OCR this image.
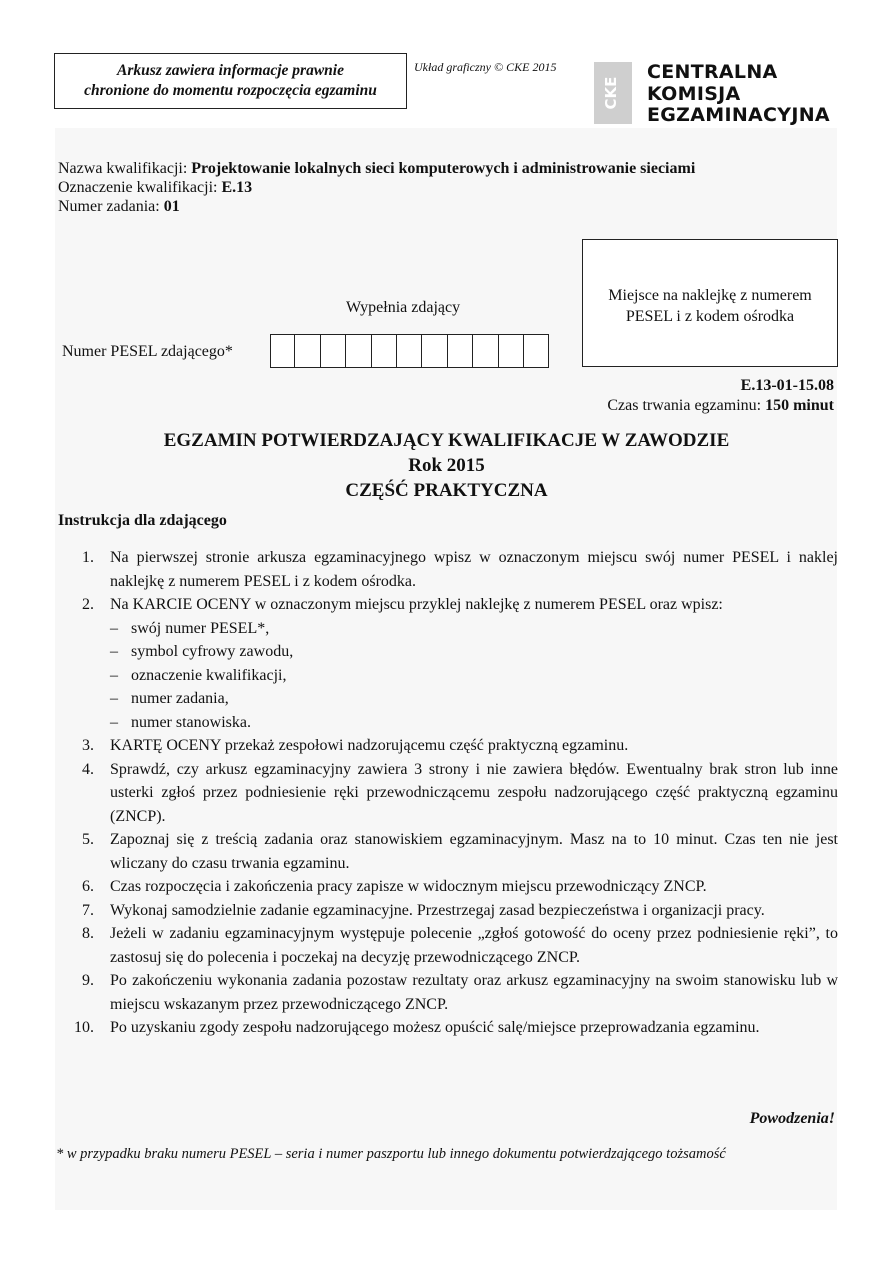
Arkusz zawiera informacje prawnie
chronione do momentu rozpoczęcia egzaminu
Układ graficzny © CKE 2015
CKE
CENTRALNA
KOMISJA
EGZAMINACYJNA
Nazwa kwalifikacji: Projektowanie lokalnych sieci komputerowych i administrowanie sieciami
Oznaczenie kwalifikacji: E.13
Numer zadania: 01
Miejsce na naklejkę z numerem
PESEL i z kodem ośrodka
Wypełnia zdający
Numer PESEL zdającego*
E.13-01-15.08
Czas trwania egzaminu: 150 minut
EGZAMIN POTWIERDZAJĄCY KWALIFIKACJE W ZAWODZIE
Rok 2015
CZĘŚĆ PRAKTYCZNA
Instrukcja dla zdającego
1. Na pierwszej stronie arkusza egzaminacyjnego wpisz w oznaczonym miejscu swój numer PESEL i naklej naklejkę z numerem PESEL i z kodem ośrodka.
2. Na KARCIE OCENY w oznaczonym miejscu przyklej naklejkę z numerem PESEL oraz wpisz:
– swój numer PESEL*,
– symbol cyfrowy zawodu,
– oznaczenie kwalifikacji,
– numer zadania,
– numer stanowiska.
3. KARTĘ OCENY przekaż zespołowi nadzorującemu część praktyczną egzaminu.
4. Sprawdź, czy arkusz egzaminacyjny zawiera 3 strony i nie zawiera błędów. Ewentualny brak stron lub inne usterki zgłoś przez podniesienie ręki przewodniczącemu zespołu nadzorującego część praktyczną egzaminu (ZNCP).
5. Zapoznaj się z treścią zadania oraz stanowiskiem egzaminacyjnym. Masz na to 10 minut. Czas ten nie jest wliczany do czasu trwania egzaminu.
6. Czas rozpoczęcia i zakończenia pracy zapisze w widocznym miejscu przewodniczący ZNCP.
7. Wykonaj samodzielnie zadanie egzaminacyjne. Przestrzegaj zasad bezpieczeństwa i organizacji pracy.
8. Jeżeli w zadaniu egzaminacyjnym występuje polecenie „zgłoś gotowość do oceny przez podniesienie ręki”, to zastosuj się do polecenia i poczekaj na decyzję przewodniczącego ZNCP.
9. Po zakończeniu wykonania zadania pozostaw rezultaty oraz arkusz egzaminacyjny na swoim stanowisku lub w miejscu wskazanym przez przewodniczącego ZNCP.
10. Po uzyskaniu zgody zespołu nadzorującego możesz opuścić salę/miejsce przeprowadzania egzaminu.
Powodzenia!
* w przypadku braku numeru PESEL – seria i numer paszportu lub innego dokumentu potwierdzającego tożsamość
